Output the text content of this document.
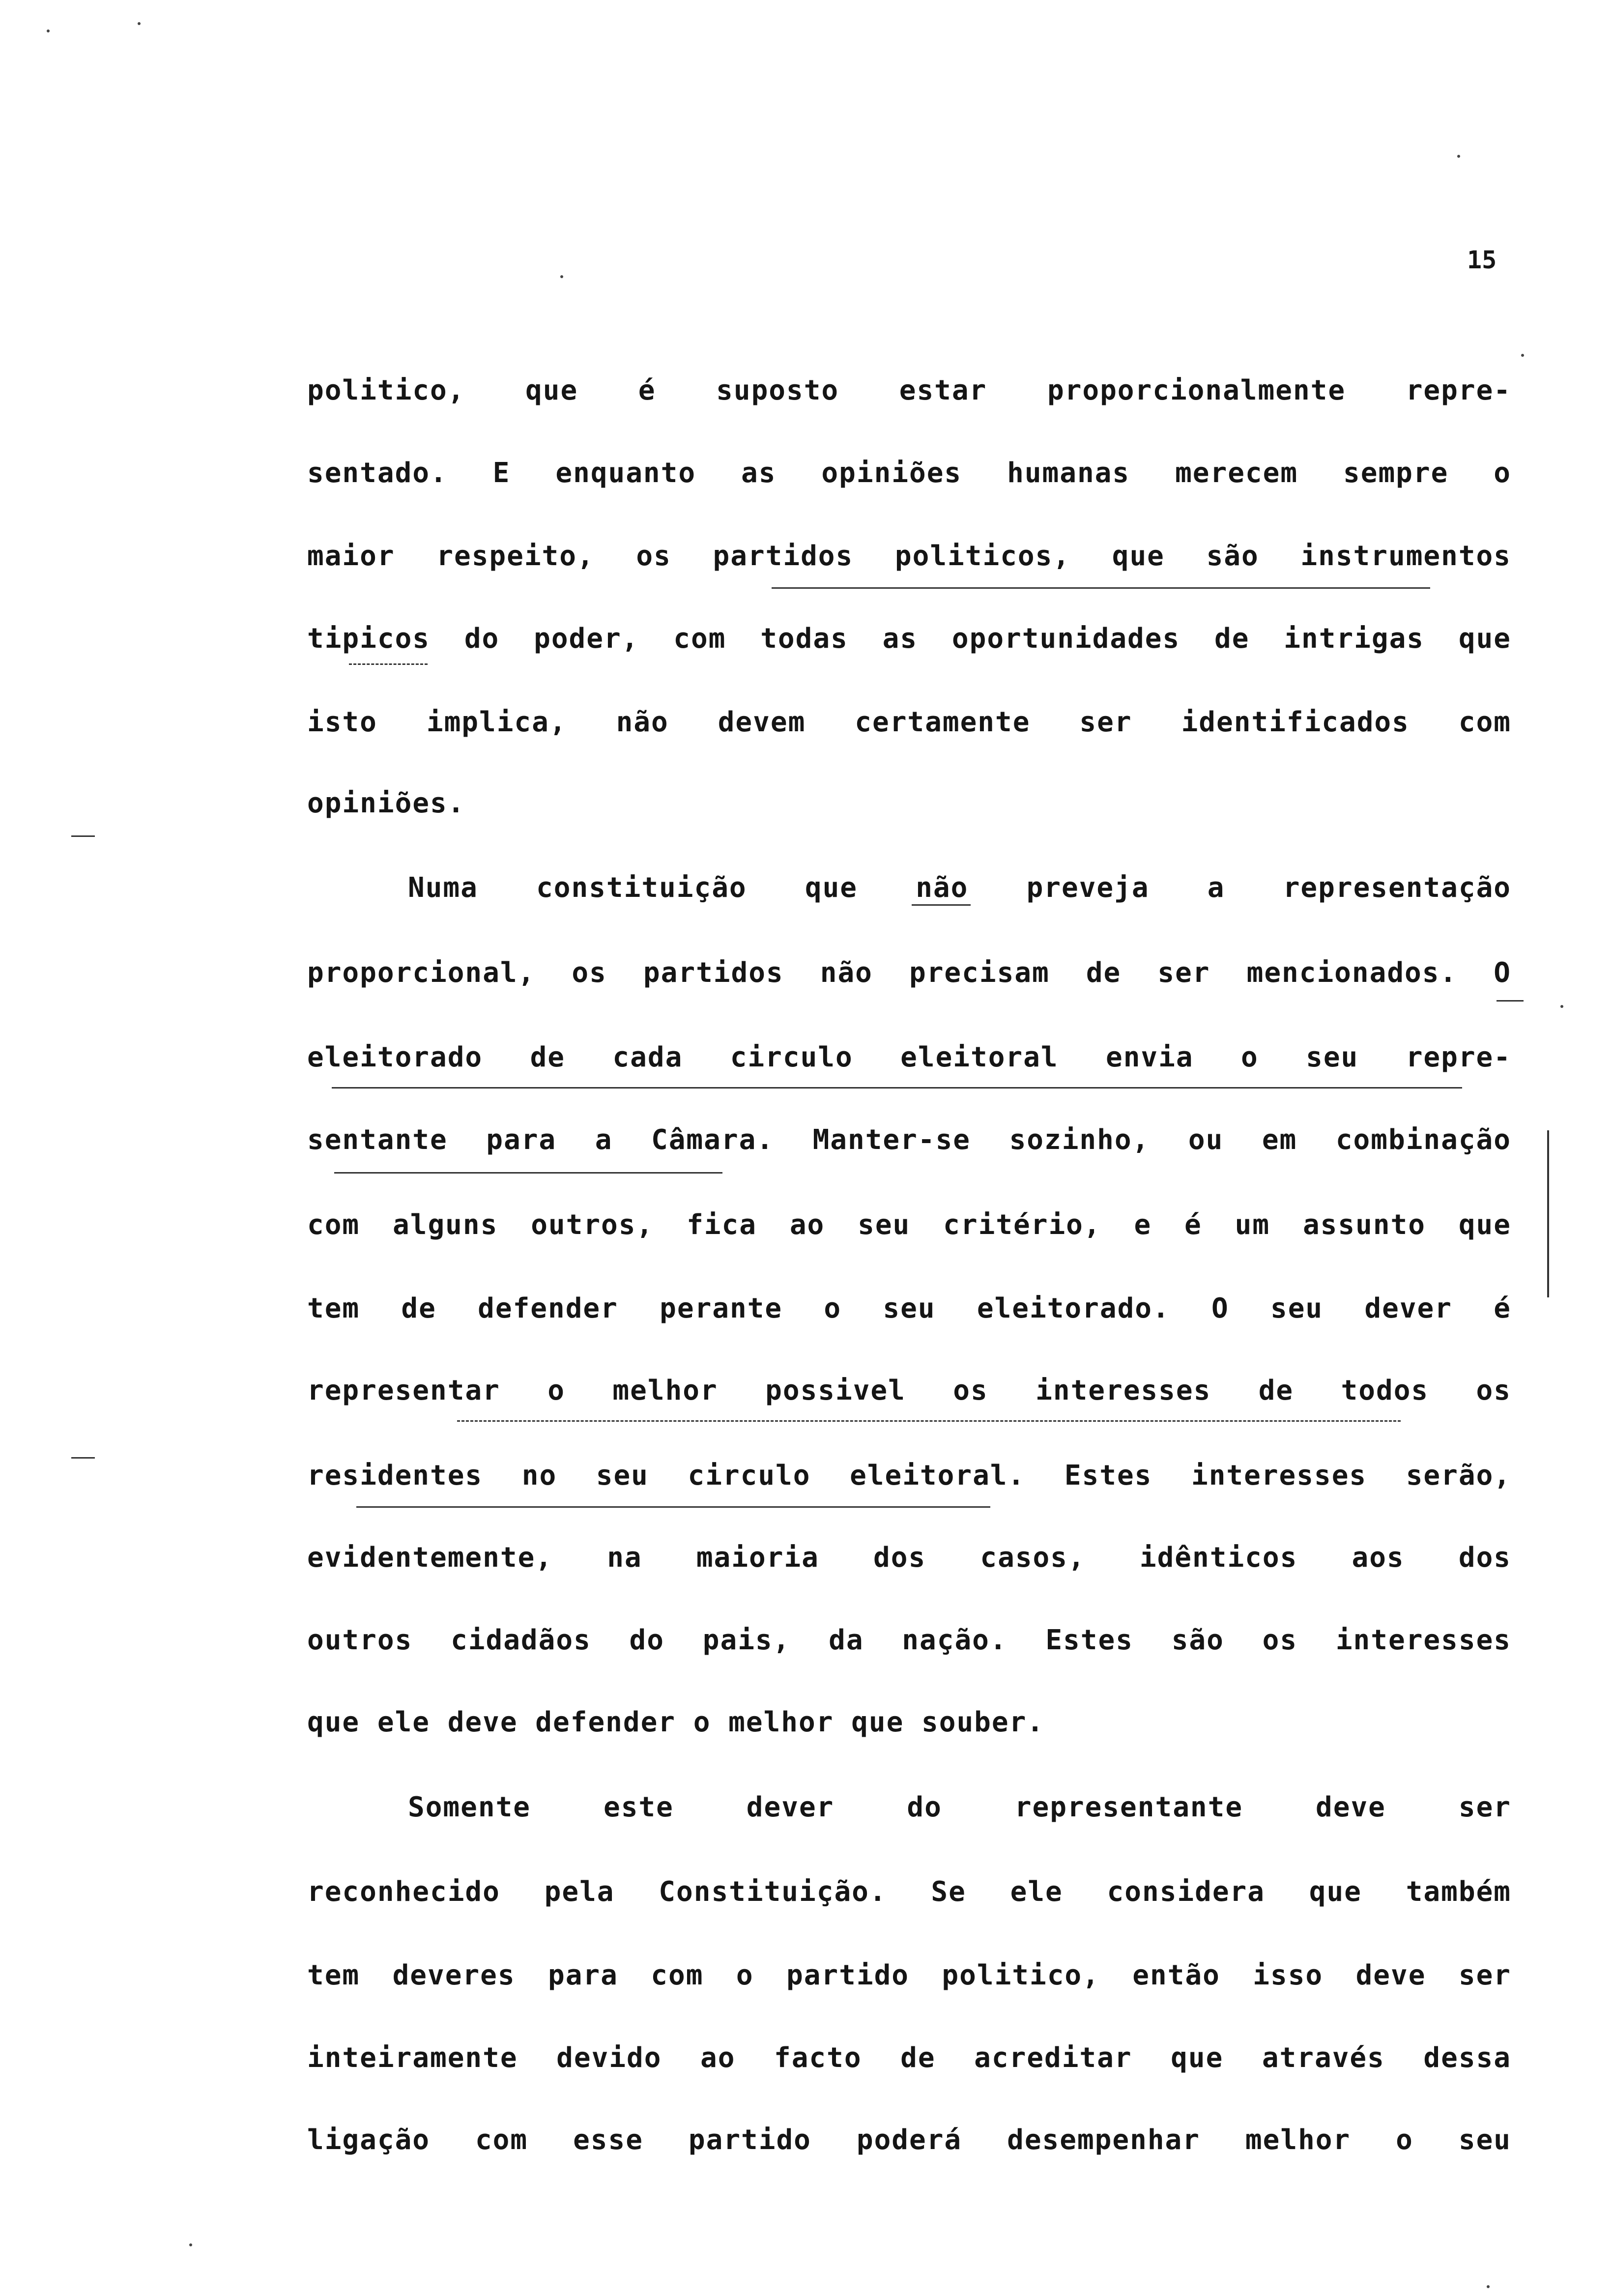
15
politico, que é suposto estar proporcionalmente repre-
sentado. E enquanto as opiniões humanas merecem sempre o
maior respeito, os partidos politicos, que são instrumentos
tipicos do poder, com todas as oportunidades de intrigas que
isto implica, não devem certamente ser identificados com
opiniões.
Numa constituição que não preveja a representação
proporcional, os partidos não precisam de ser mencionados. O
eleitorado de cada circulo eleitoral envia o seu repre-
sentante para a Câmara. Manter-se sozinho, ou em combinação
com alguns outros, fica ao seu critério, e é um assunto que
tem de defender perante o seu eleitorado. O seu dever é
representar o melhor possivel os interesses de todos os
residentes no seu circulo eleitoral. Estes interesses serão,
evidentemente, na maioria dos casos, idênticos aos dos
outros cidadãos do pais, da nação. Estes são os interesses
que ele deve defender o melhor que souber.
Somente este dever do representante deve ser
reconhecido pela Constituição. Se ele considera que também
tem deveres para com o partido politico, então isso deve ser
inteiramente devido ao facto de acreditar que através dessa
ligação com esse partido poderá desempenhar melhor o seu
